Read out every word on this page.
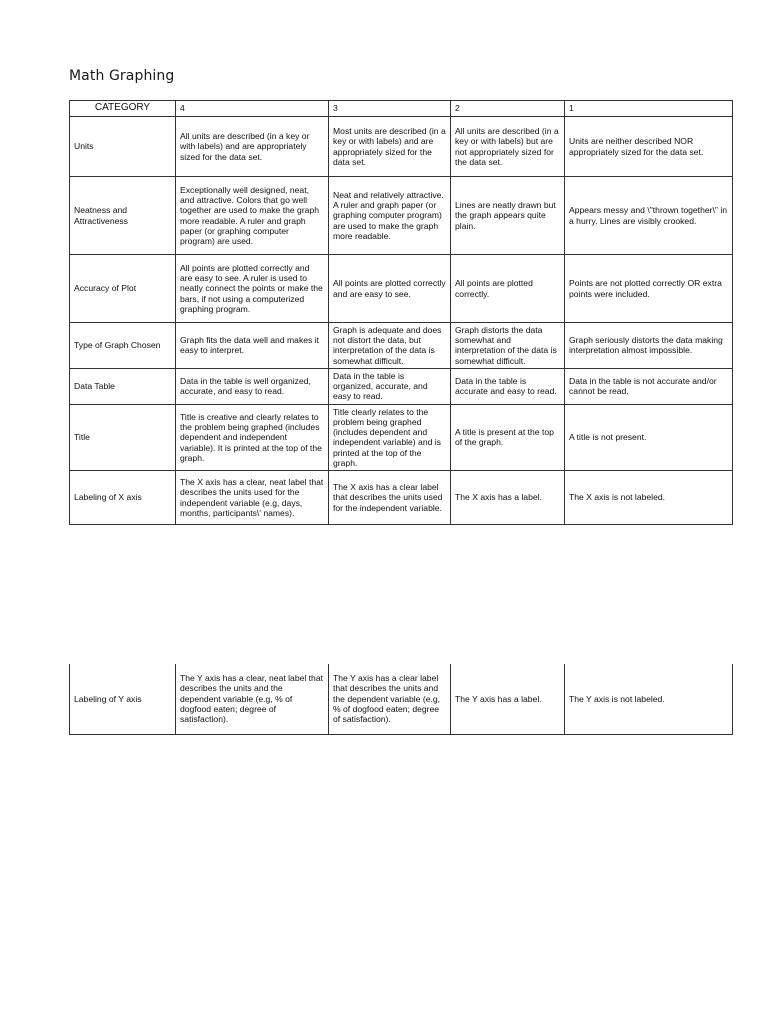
Math Graphing
CATEGORY	4	3	2	1
Units	All units are described (in a key or with labels) and are appropriately sized for the data set.	Most units are described (in a key or with labels) and are appropriately sized for the data set.	All units are described (in a key or with labels) but are not appropriately sized for the data set.	Units are neither described NOR appropriately sized for the data set.
Neatness and Attractiveness	Exceptionally well designed, neat, and attractive. Colors that go well together are used to make the graph more readable. A ruler and graph paper (or graphing computer program) are used.	Neat and relatively attractive. A ruler and graph paper (or graphing computer program) are used to make the graph more readable.	Lines are neatly drawn but the graph appears quite plain.	Appears messy and \"thrown together\" in a hurry. Lines are visibly crooked.
Accuracy of Plot	All points are plotted correctly and are easy to see. A ruler is used to neatly connect the points or make the bars, if not using a computerized graphing program.	All points are plotted correctly and are easy to see.	All points are plotted correctly.	Points are not plotted correctly OR extra points were included.
Type of Graph Chosen	Graph fits the data well and makes it easy to interpret.	Graph is adequate and does not distort the data, but interpretation of the data is somewhat difficult.	Graph distorts the data somewhat and interpretation of the data is somewhat difficult.	Graph seriously distorts the data making interpretation almost impossible.
Data Table	Data in the table is well organized, accurate, and easy to read.	Data in the table is organized, accurate, and easy to read.	Data in the table is accurate and easy to read.	Data in the table is not accurate and/or cannot be read.
Title	Title is creative and clearly relates to the problem being graphed (includes dependent and independent variable). It is printed at the top of the graph.	Title clearly relates to the problem being graphed (includes dependent and independent variable) and is printed at the top of the graph.	A title is present at the top of the graph.	A title is not present.
Labeling of X axis	The X axis has a clear, neat label that describes the units used for the independent variable (e.g, days, months, participants\' names).	The X axis has a clear label that describes the units used for the independent variable.	The X axis has a label.	The X axis is not labeled.
Labeling of Y axis	The Y axis has a clear, neat label that describes the units and the dependent variable (e.g, % of dogfood eaten; degree of satisfaction).	The Y axis has a clear label that describes the units and the dependent variable (e.g, % of dogfood eaten; degree of satisfaction).	The Y axis has a label.	The Y axis is not labeled.
